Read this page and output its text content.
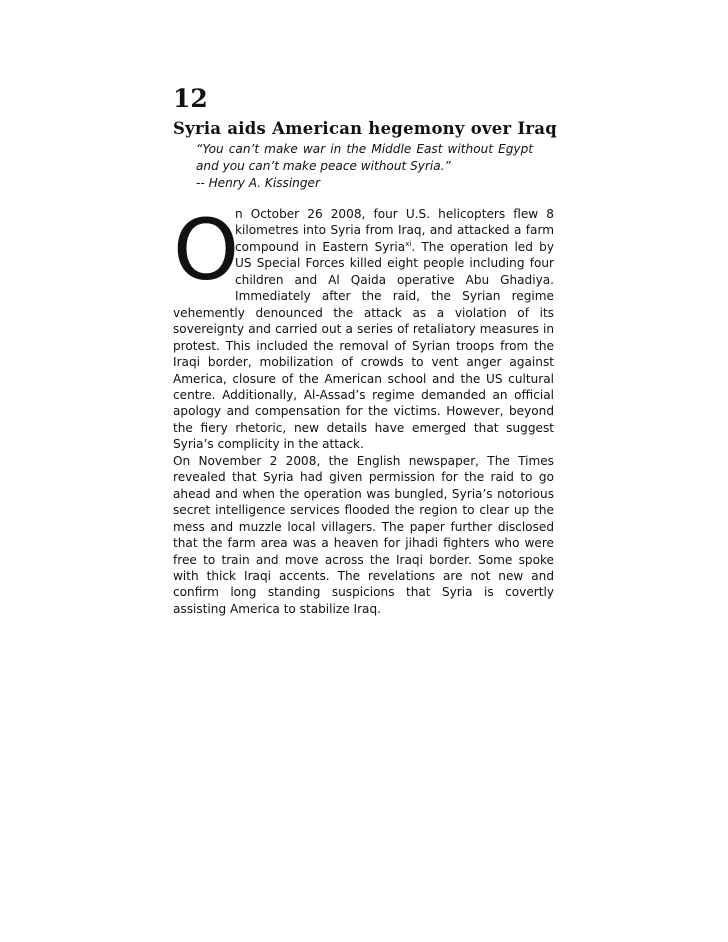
12
Syria aids American hegemony over Iraq
“You can’t make war in the Middle East without Egypt and you can’t make peace without Syria.”
-- Henry A. Kissinger

O
n October 26 2008, four U.S. helicopters flew 8 kilometres into Syria from Iraq, and attacked a farm compound in Eastern Syria$^{xi}$. The operation led by US Special Forces killed eight people including four children and Al Qaida operative Abu Ghadiya. Immediately after the raid, the Syrian regime vehemently denounced the attack as a violation of its sovereignty and carried out a series of retaliatory measures in protest. This included the removal of Syrian troops from the Iraqi border, mobilization of crowds to vent anger against America, closure of the American school and the US cultural centre. Additionally, Al-Assad’s regime demanded an official apology and compensation for the victims. However, beyond the fiery rhetoric, new details have emerged that suggest Syria’s complicity in the attack.

On November 2 2008, the English newspaper, The Times revealed that Syria had given permission for the raid to go ahead and when the operation was bungled, Syria’s notorious secret intelligence services flooded the region to clear up the mess and muzzle local villagers. The paper further disclosed that the farm area was a heaven for jihadi fighters who were free to train and move across the Iraqi border. Some spoke with thick Iraqi accents. The revelations are not new and confirm long standing suspicions that Syria is covertly assisting America to stabilize Iraq.
